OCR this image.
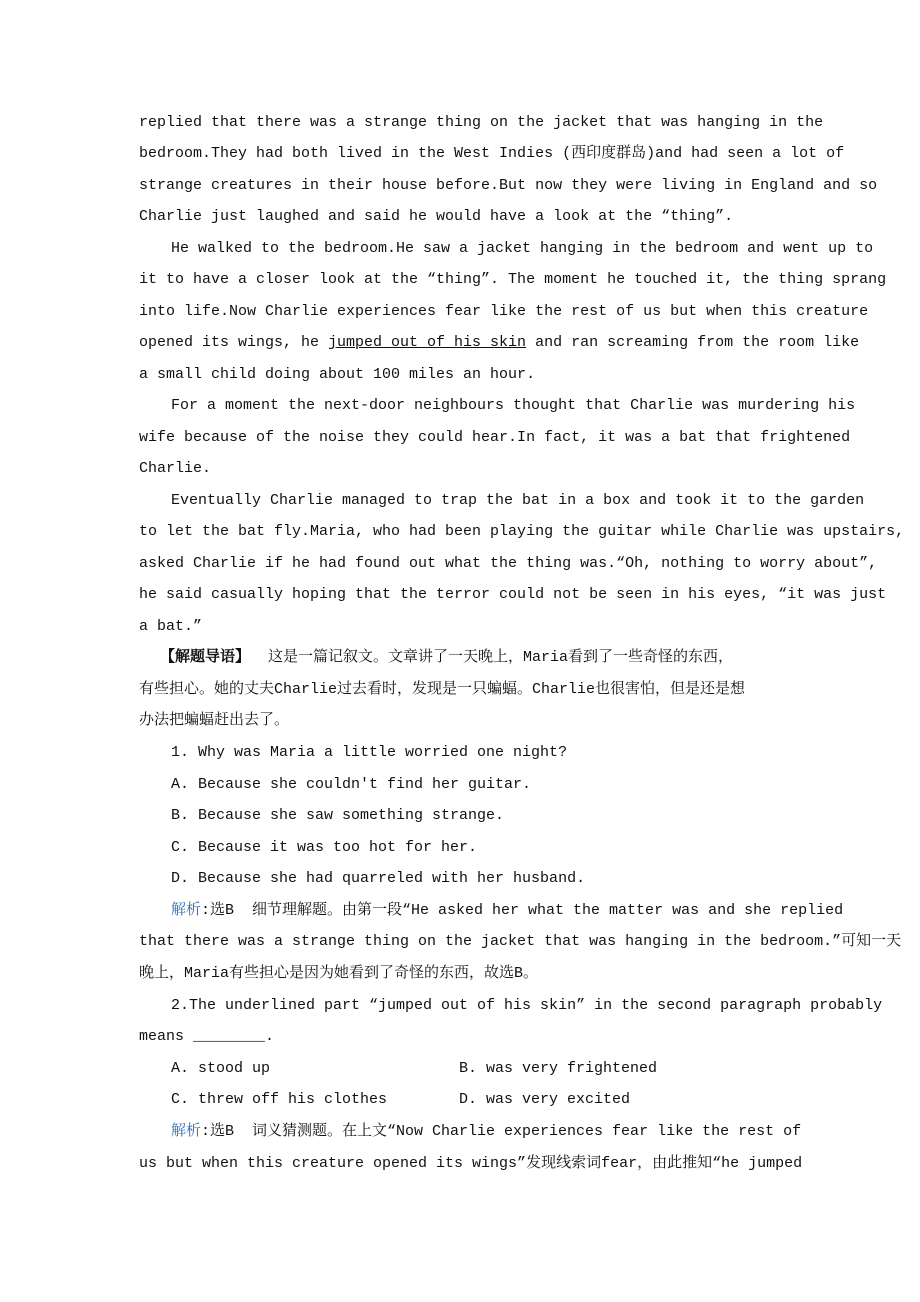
replied that there was a strange thing on the jacket that was hanging in the
bedroom.They had both lived in the West Indies (西印度群岛)and had seen a lot of
strange creatures in their house before.But now they were living in England and so
Charlie just laughed and said he would have a look at the “thing”.
He walked to the bedroom.He saw a jacket hanging in the bedroom and went up to
it to have a closer look at the “thing”. The moment he touched it, the thing sprang
into life.Now Charlie experiences fear like the rest of us but when this creature
opened its wings, he jumped out of his skin and ran screaming from the room like
a small child doing about 100 miles an hour.
For a moment the next-door neighbours thought that Charlie was murdering his
wife because of the noise they could hear.In fact, it was a bat that frightened
Charlie.
Eventually Charlie managed to trap the bat in a box and took it to the garden
to let the bat fly.Maria, who had been playing the guitar while Charlie was upstairs,
asked Charlie if he had found out what the thing was.“Oh, nothing to worry about”,
he said casually hoping that the terror could not be seen in his eyes, “it was just
a bat.”
【解题导语】  这是一篇记叙文。文章讲了一天晚上，Maria看到了一些奇怪的东西，
有些担心。她的丈夫Charlie过去看时，发现是一只蝙蝠。Charlie也很害怕，但是还是想
办法把蝙蝠赶出去了。
1. Why was Maria a little worried one night?
A. Because she couldn't find her guitar.
B. Because she saw something strange.
C. Because it was too hot for her.
D. Because she had quarreled with her husband.
解析:选B  细节理解题。由第一段“He asked her what the matter was and she replied
that there was a strange thing on the jacket that was hanging in the bedroom.”可知一天
晚上，Maria有些担心是因为她看到了奇怪的东西，故选B。
2.The underlined part “jumped out of his skin” in the second paragraph probably
means ________.
A. stood up	B. was very frightened
C. threw off his clothes	D. was very excited
解析:选B  词义猜测题。在上文“Now Charlie experiences fear like the rest of
us but when this creature opened its wings”发现线索词fear，由此推知“he jumped
